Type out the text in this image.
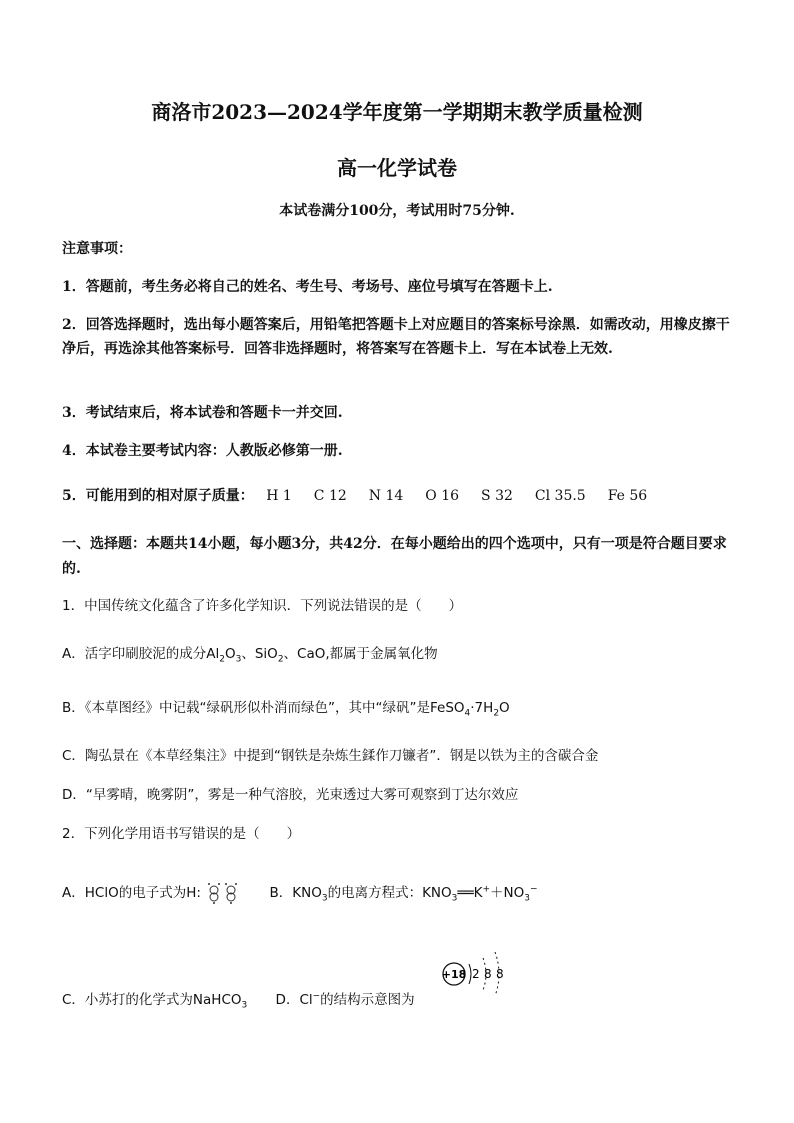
商洛市2023—2024学年度第一学期期末教学质量检测
高一化学试卷
本试卷满分100分，考试用时75分钟.
注意事项：
1．答题前，考生务必将自己的姓名、考生号、考场号、座位号填写在答题卡上.
2．回答选择题时，选出每小题答案后，用铅笔把答题卡上对应题目的答案标号涂黑．如需改动，用橡皮擦干净后，再选涂其他答案标号．回答非选择题时，将答案写在答题卡上．写在本试卷上无效.
3．考试结束后，将本试卷和答题卡一并交回.
4．本试卷主要考试内容：人教版必修第一册.
5．可能用到的相对原子质量： H 1 C 12 N 14 O 16 S 32 Cl 35.5 Fe 56
一、选择题：本题共14小题，每小题3分，共42分．在每小题给出的四个选项中，只有一项是符合题目要求的.
1．中国传统文化蕴含了许多化学知识．下列说法错误的是（　　）
A．活字印刷胶泥的成分$Al_2O_3$、SiO$_2$、CaO,都属于金属氧化物
B．《本草图经》中记载“绿矾形似朴消而绿色”，其中“绿矾”是$FeSO_4\cdot 7H_2O$
C．陶弘景在《本草经集注》中提到“钢铁是杂炼生鍒作刀镰者”．钢是以铁为主的含碳合金
D．“早雾晴，晚雾阴”，雾是一种气溶胶，光束透过大雾可观察到丁达尔效应
2．下列化学用语书写错误的是（　　）
A．HClO的电子式为H:	B．$KNO_3$的电离方程式：$KNO_3══K^++NO_3^-$
C．小苏打的化学式为NaHCO$_3$ D．Cl−的结构示意图为
+18 2 8 8
